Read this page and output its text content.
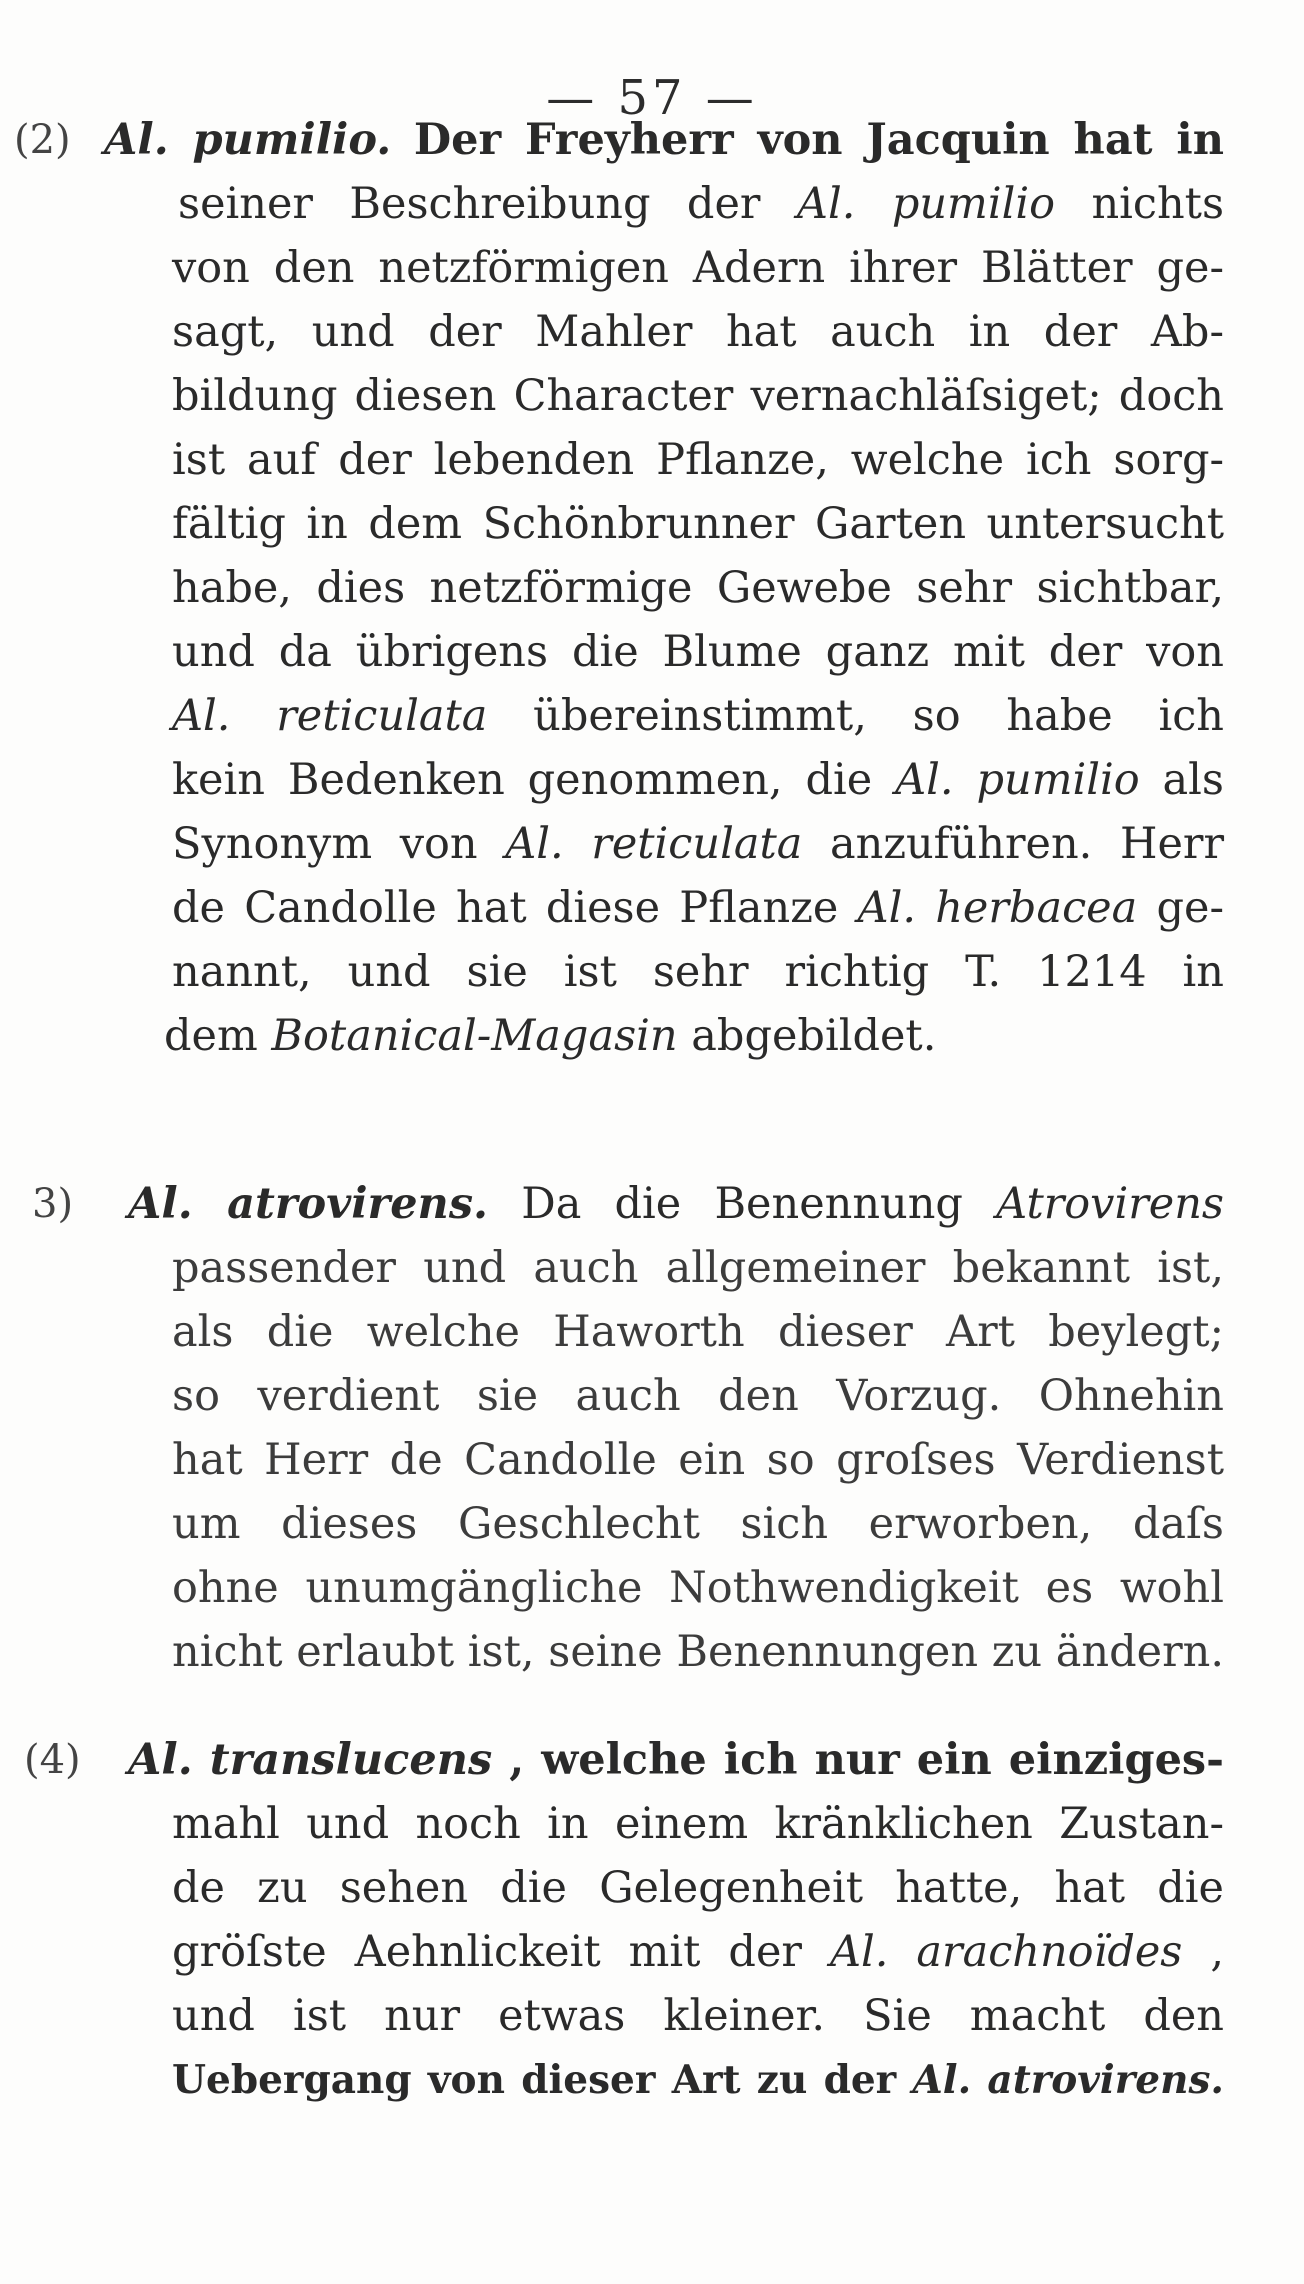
— 57 —
(2) Al. pumilio. Der Freyherr von Jacquin hat in
seiner Beschreibung der Al. pumilio nichts
von den netzförmigen Adern ihrer Blätter ge-
sagt, und der Mahler hat auch in der Ab-
bildung diesen Character vernachläſsiget; doch
ist auf der lebenden Pflanze, welche ich sorg-
fältig in dem Schönbrunner Garten untersucht
habe, dies netzförmige Gewebe sehr sichtbar,
und da übrigens die Blume ganz mit der von
Al. reticulata übereinstimmt, so habe ich
kein Bedenken genommen, die Al. pumilio als
Synonym von Al. reticulata anzuführen. Herr
de Candolle hat diese Pflanze Al. herbacea ge-
nannt, und sie ist sehr richtig T. 1214 in
dem Botanical-Magasin abgebildet.
3) Al. atrovirens. Da die Benennung Atrovirens
passender und auch allgemeiner bekannt ist,
als die welche Haworth dieser Art beylegt;
so verdient sie auch den Vorzug. Ohnehin
hat Herr de Candolle ein so groſses Verdienst
um dieses Geschlecht sich erworben, daſs
ohne unumgängliche Nothwendigkeit es wohl
nicht erlaubt ist, seine Benennungen zu ändern.
(4) Al. translucens , welche ich nur ein einziges-
mahl und noch in einem kränklichen Zustan-
de zu sehen die Gelegenheit hatte, hat die
gröſste Aehnlickeit mit der Al. arachnoïdes ,
und ist nur etwas kleiner. Sie macht den
Uebergang von dieser Art zu der Al. atrovirens.
